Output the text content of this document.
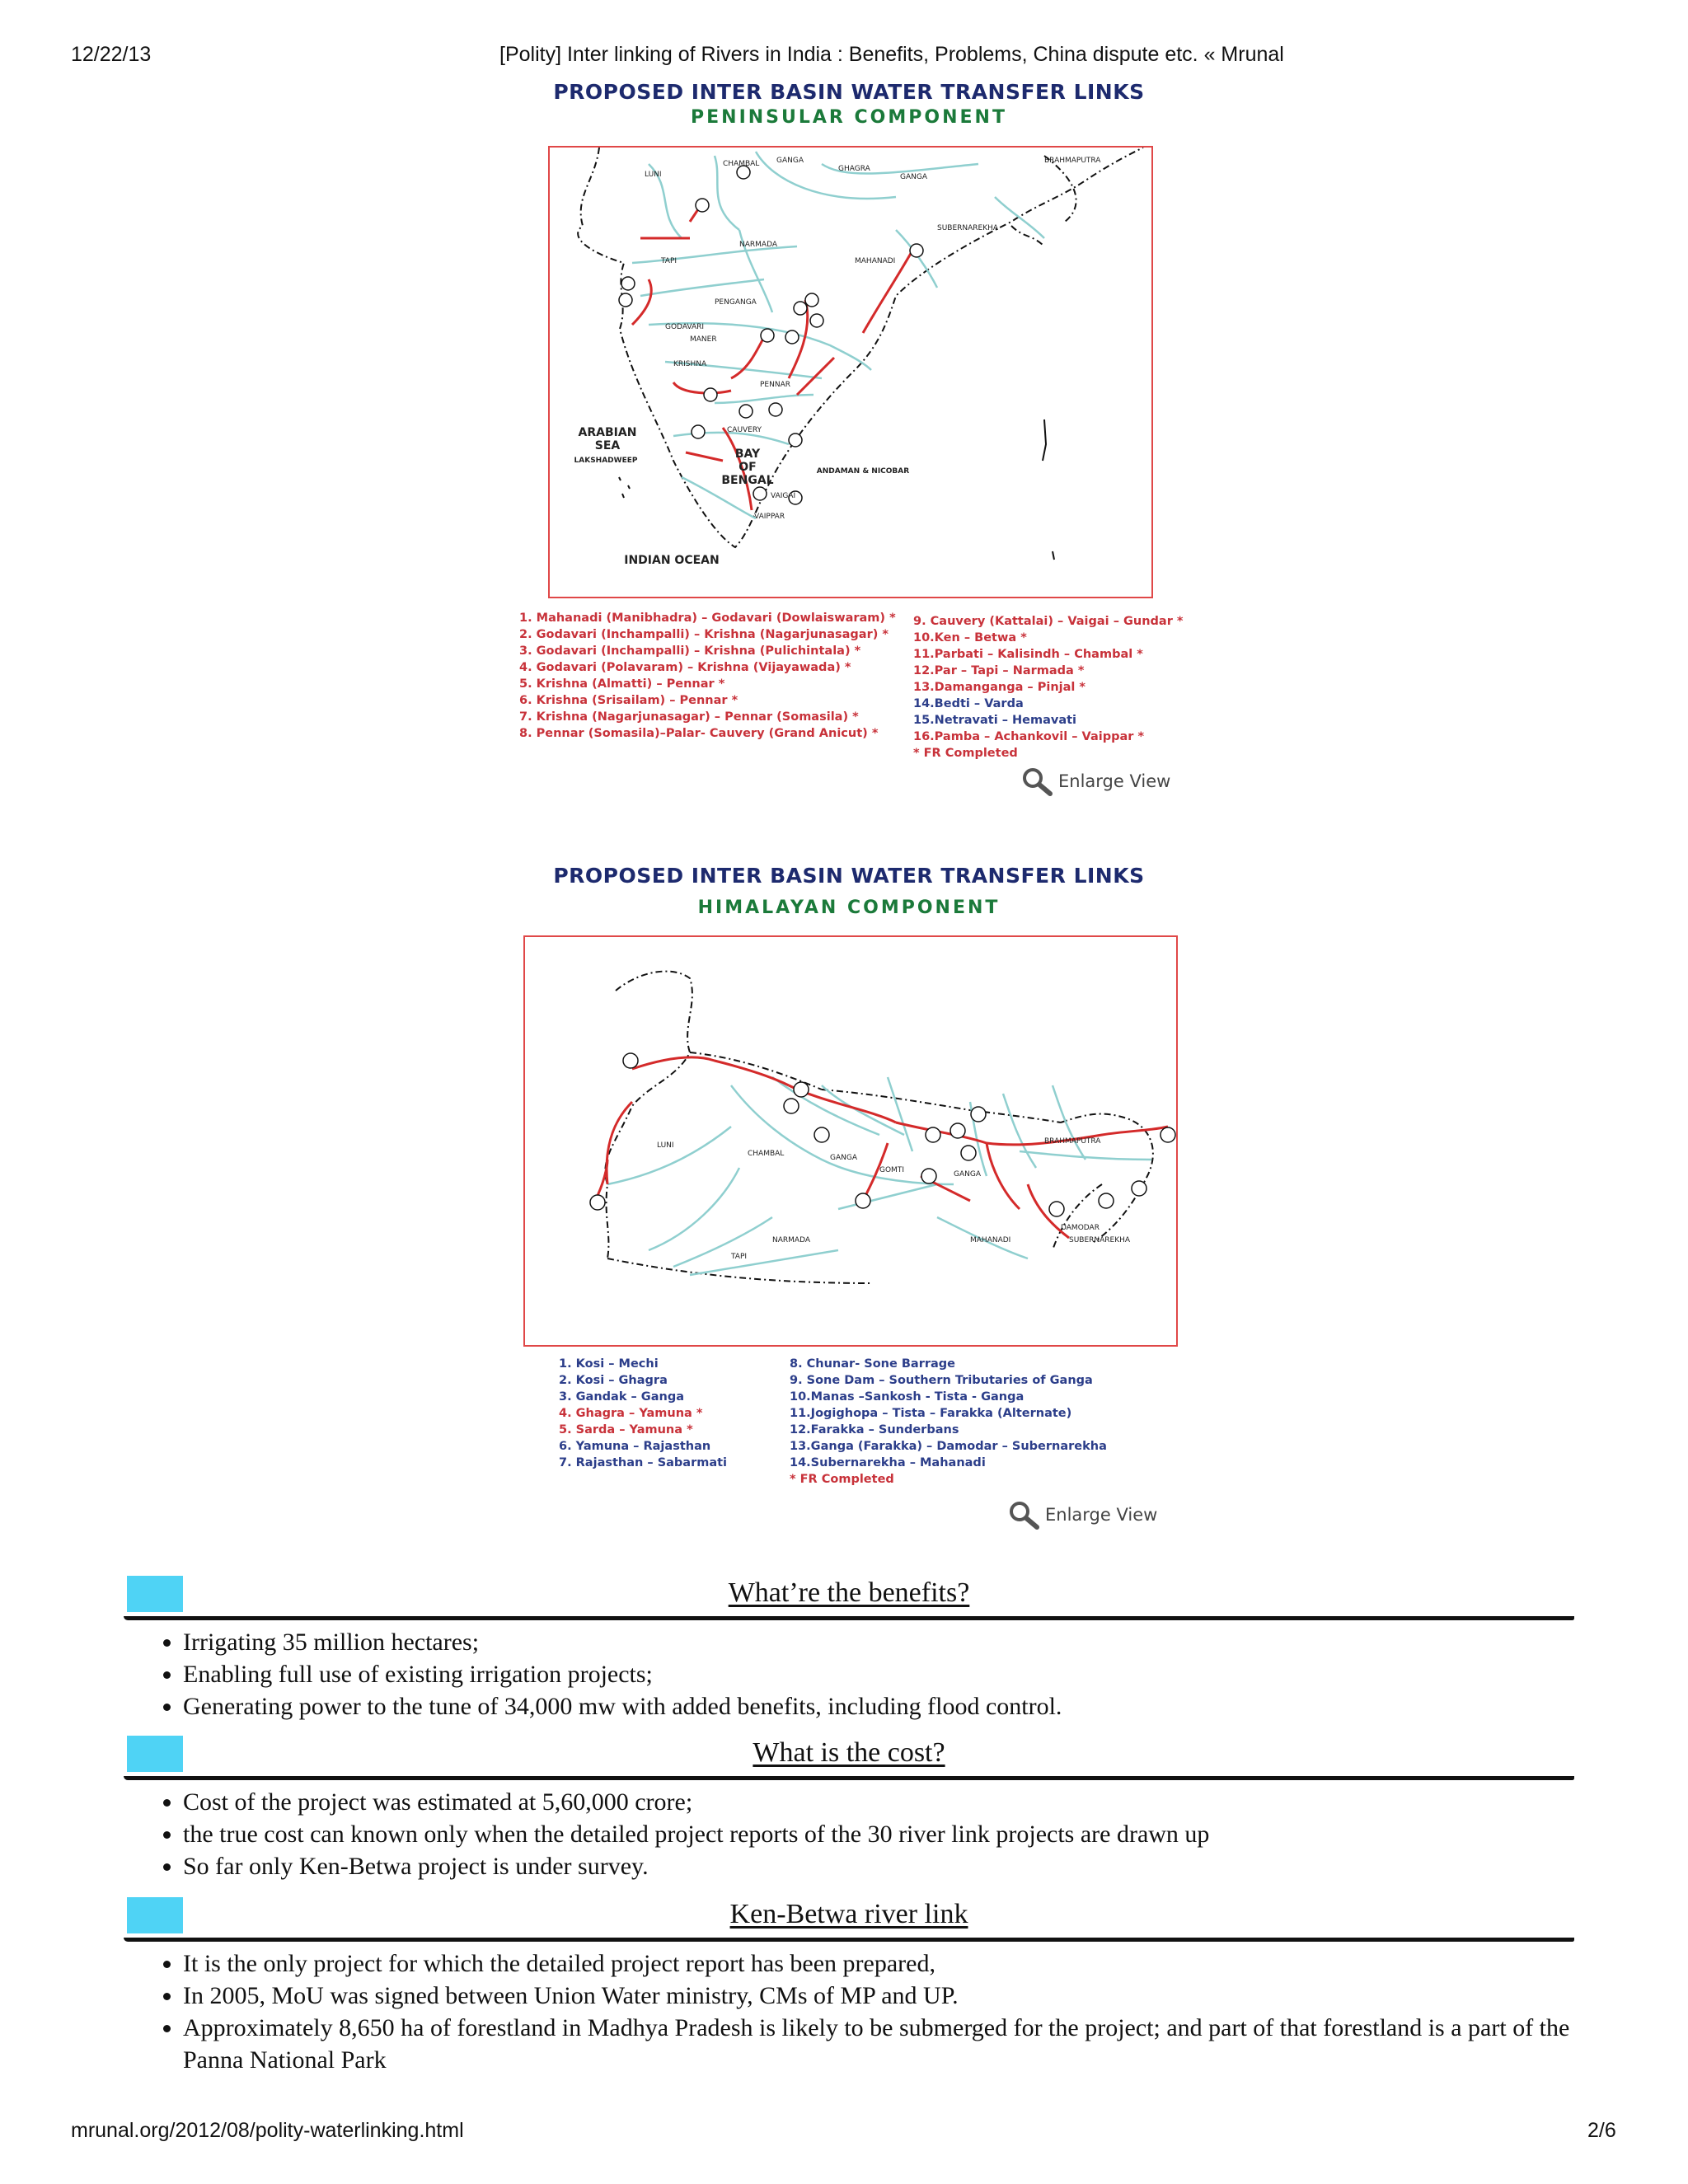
12/22/13	[Polity] Inter linking of Rivers in India : Benefits, Problems, China dispute etc. « Mrunal
PROPOSED INTER BASIN WATER TRANSFER LINKS
PENINSULAR COMPONENT
LUNI
CHAMBAL GANGA
GHAGRA
GANGA
BRAHMAPUTRA
NARMADA
TAPI	MAHANADI
PENGANGA
GODAVARI
MANER
KRISHNA
PENNAR
CAUVERY
VAIGAI
VAIPPAR
SUBERNAREKHA
ARABIAN
SEA
LAKSHADWEEP	BAY
OF
BENGAL
INDIAN OCEAN
ANDAMAN & NICOBAR
1. Mahanadi (Manibhadra) – Godavari (Dowlaiswaram) *
2. Godavari (Inchampalli) – Krishna (Nagarjunasagar) *
3. Godavari (Inchampalli) – Krishna (Pulichintala) *
4. Godavari (Polavaram) – Krishna (Vijayawada) *
5. Krishna (Almatti) – Pennar *
6. Krishna (Srisailam) – Pennar *
7. Krishna (Nagarjunasagar) – Pennar (Somasila) *
8. Pennar (Somasila)–Palar- Cauvery (Grand Anicut) *
9. Cauvery (Kattalai) – Vaigai – Gundar *
10.Ken – Betwa *
11.Parbati – Kalisindh – Chambal *
12.Par – Tapi – Narmada *
13.Damanganga – Pinjal *
14.Bedti – Varda
15.Netravati – Hemavati
16.Pamba – Achankovil – Vaippar *
* FR Completed
Enlarge View
PROPOSED INTER BASIN WATER TRANSFER LINKS
HIMALAYAN COMPONENT
LUNI
CHAMBAL
TAPI
NARMADA
GANGA
GOMTI	GANGA
BRAHMAPUTRA
MAHANADI
DAMODAR
SUBERNAREKHA
1. Kosi – Mechi
2. Kosi – Ghagra
3. Gandak – Ganga
4. Ghagra – Yamuna *
5. Sarda – Yamuna *
6. Yamuna – Rajasthan
7. Rajasthan – Sabarmati
8. Chunar- Sone Barrage
9. Sone Dam – Southern Tributaries of Ganga
10.Manas –Sankosh - Tista - Ganga
11.Jogighopa – Tista – Farakka (Alternate)
12.Farakka – Sunderbans
13.Ganga (Farakka) – Damodar – Subernarekha
14.Subernarekha – Mahanadi
* FR Completed
Enlarge View
What’re the benefits?
• Irrigating 35 million hectares;
• Enabling full use of existing irrigation projects;
• Generating power to the tune of 34,000 mw with added benefits, including flood control.
What is the cost?
• Cost of the project was estimated at 5,60,000 crore;
• the true cost can known only when the detailed project reports of the 30 river link projects are drawn up
• So far only Ken-Betwa project is under survey.
Ken-Betwa river link
• It is the only project for which the detailed project report has been prepared,
• In 2005, MoU was signed between Union Water ministry, CMs of MP and UP.
• Approximately 8,650 ha of forestland in Madhya Pradesh is likely to be submerged for the project; and part of that forestland is a part of the Panna National Park
mrunal.org/2012/08/polity-waterlinking.html	2/6
